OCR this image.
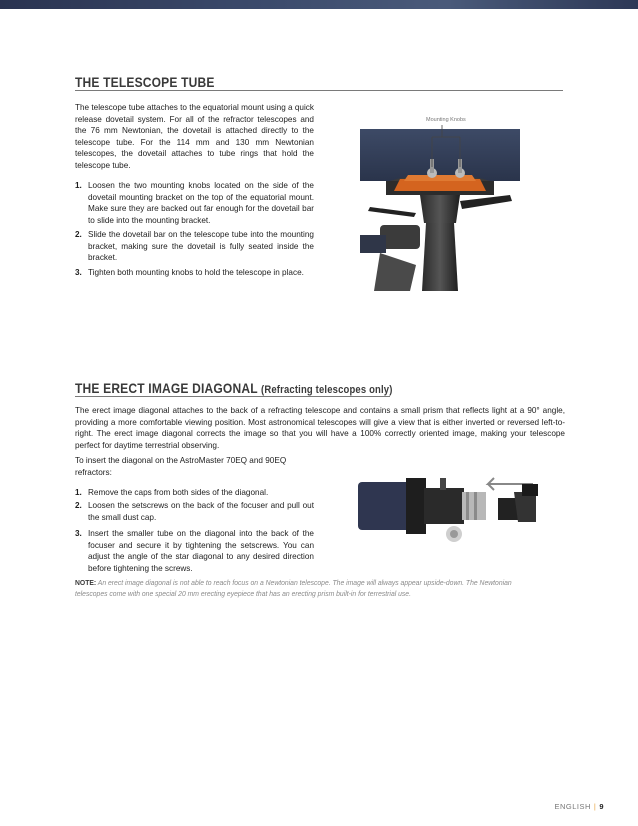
THE TELESCOPE TUBE
The telescope tube attaches to the equatorial mount using a quick release dovetail system. For all of the refractor telescopes and the 76 mm Newtonian, the dovetail is attached directly to the telescope tube. For the 114 mm and 130 mm Newtonian telescopes, the dovetail attaches to tube rings that hold the telescope tube.
1. Loosen the two mounting knobs located on the side of the dovetail mounting bracket on the top of the equatorial mount. Make sure they are backed out far enough for the dovetail bar to slide into the mounting bracket.
2. Slide the dovetail bar on the telescope tube into the mounting bracket, making sure the dovetail is fully seated inside the bracket.
3. Tighten both mounting knobs to hold the telescope in place.
Mounting Knobs
THE ERECT IMAGE DIAGONAL (Refracting telescopes only)
The erect image diagonal attaches to the back of a refracting telescope and contains a small prism that reflects light at a 90° angle, providing a more comfortable viewing position. Most astronomical telescopes will give a view that is either inverted or reversed left-to-right. The erect image diagonal corrects the image so that you will have a 100% correctly oriented image, making your telescope perfect for daytime terrestrial observing.
To insert the diagonal on the AstroMaster 70EQ and 90EQ refractors:
1. Remove the caps from both sides of the diagonal.
2. Loosen the setscrews on the back of the focuser and pull out the small dust cap.
3. Insert the smaller tube on the diagonal into the back of the focuser and secure it by tightening the setscrews. You can adjust the angle of the star diagonal to any desired direction before tightening the screws.
NOTE: An erect image diagonal is not able to reach focus on a Newtonian telescope. The image will always appear upside-down. The Newtonian telescopes come with one special 20 mm erecting eyepiece that has an erecting prism built-in for terrestrial use.
ENGLISH | 9
